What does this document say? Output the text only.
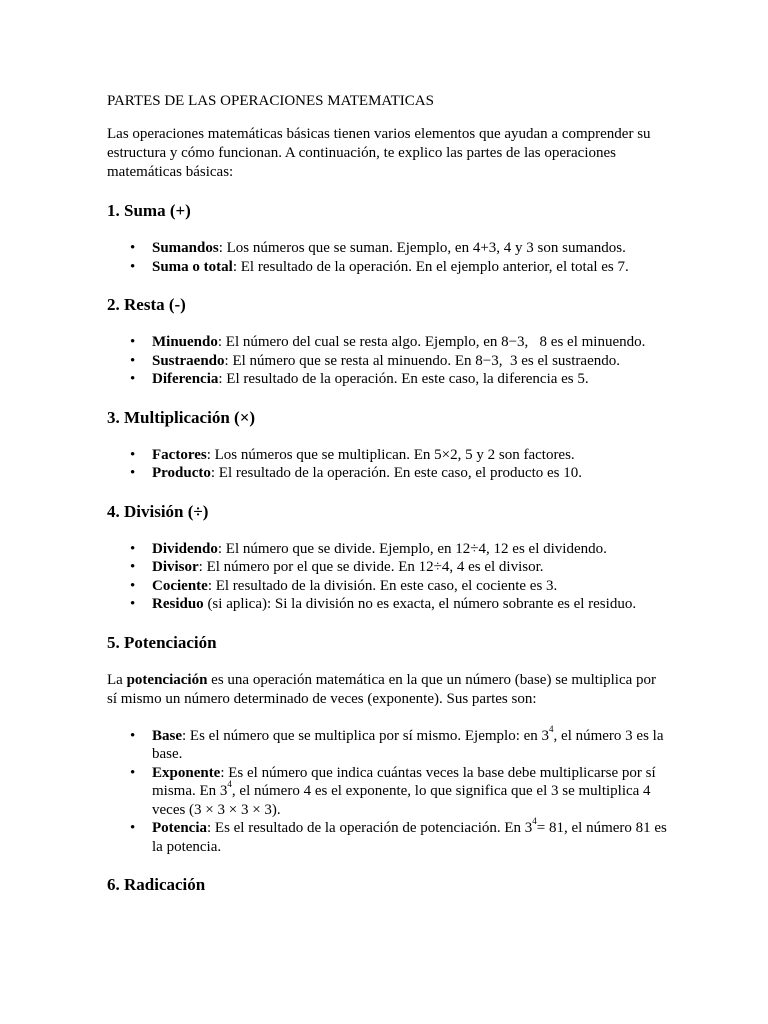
PARTES DE LAS OPERACIONES MATEMATICAS

Las operaciones matemáticas básicas tienen varios elementos que ayudan a comprender su estructura y cómo funcionan. A continuación, te explico las partes de las operaciones matemáticas básicas:

1. Suma (+)
• Sumandos: Los números que se suman. Ejemplo, en 4+3, 4 y 3 son sumandos.
• Suma o total: El resultado de la operación. En el ejemplo anterior, el total es 7.
2. Resta (-)
• Minuendo: El número del cual se resta algo. Ejemplo, en 8−3,   8 es el minuendo.
• Sustraendo: El número que se resta al minuendo. En 8−3,  3 es el sustraendo.
• Diferencia: El resultado de la operación. En este caso, la diferencia es 5.
3. Multiplicación (×)
• Factores: Los números que se multiplican. En 5×2, 5 y 2 son factores.
• Producto: El resultado de la operación. En este caso, el producto es 10.
4. División (÷)
• Dividendo: El número que se divide. Ejemplo, en 12÷4, 12 es el dividendo.
• Divisor: El número por el que se divide. En 12÷4, 4 es el divisor.
• Cociente: El resultado de la división. En este caso, el cociente es 3.
• Residuo (si aplica): Si la división no es exacta, el número sobrante es el residuo.
5. Potenciación

La potenciación es una operación matemática en la que un número (base) se multiplica por sí mismo un número determinado de veces (exponente). Sus partes son:

• Base: Es el número que se multiplica por sí mismo. Ejemplo: en $3^4$, el número 3 es la base.
• Exponente: Es el número que indica cuántas veces la base debe multiplicarse por sí misma. En $3^4$, el número 4 es el exponente, lo que significa que el 3 se multiplica 4 veces (3 × 3 × 3 × 3).
• Potencia: Es el resultado de la operación de potenciación. En $3^4= 81$, el número 81 es la potencia.
6. Radicación
